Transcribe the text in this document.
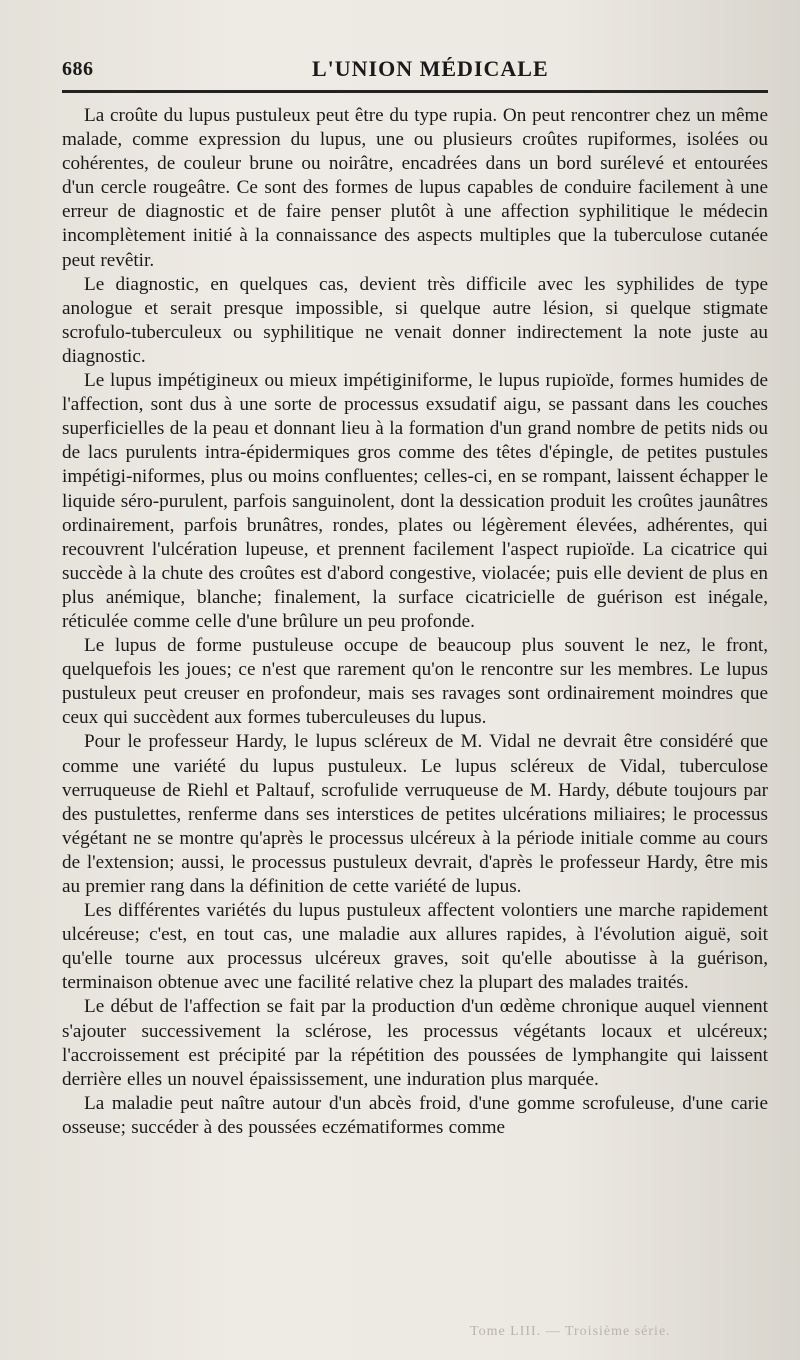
686	L'UNION MÉDICALE

La croûte du lupus pustuleux peut être du type rupia. On peut rencontrer chez un même malade, comme expression du lupus, une ou plusieurs croûtes rupiformes, isolées ou cohérentes, de couleur brune ou noirâtre, encadrées dans un bord surélevé et entourées d'un cercle rougeâtre. Ce sont des formes de lupus capables de conduire facilement à une erreur de diagnostic et de faire penser plutôt à une affection syphilitique le médecin incomplètement initié à la connaissance des aspects multiples que la tuberculose cutanée peut revêtir.

Le diagnostic, en quelques cas, devient très difficile avec les syphilides de type anologue et serait presque impossible, si quelque autre lésion, si quelque stigmate scrofulo-tuberculeux ou syphilitique ne venait donner indirectement la note juste au diagnostic.

Le lupus impétigineux ou mieux impétiginiforme, le lupus rupioïde, formes humides de l'affection, sont dus à une sorte de processus exsudatif aigu, se passant dans les couches superficielles de la peau et donnant lieu à la formation d'un grand nombre de petits nids ou de lacs purulents intra-épidermiques gros comme des têtes d'épingle, de petites pustules impétigi-niformes, plus ou moins confluentes; celles-ci, en se rompant, laissent échapper le liquide séro-purulent, parfois sanguinolent, dont la dessication produit les croûtes jaunâtres ordinairement, parfois brunâtres, rondes, plates ou légèrement élevées, adhérentes, qui recouvrent l'ulcération lupeuse, et prennent facilement l'aspect rupioïde. La cicatrice qui succède à la chute des croûtes est d'abord congestive, violacée; puis elle devient de plus en plus anémique, blanche; finalement, la surface cicatricielle de guérison est inégale, réticulée comme celle d'une brûlure un peu profonde.

Le lupus de forme pustuleuse occupe de beaucoup plus souvent le nez, le front, quelquefois les joues; ce n'est que rarement qu'on le rencontre sur les membres. Le lupus pustuleux peut creuser en profondeur, mais ses ravages sont ordinairement moindres que ceux qui succèdent aux formes tuberculeuses du lupus.

Pour le professeur Hardy, le lupus scléreux de M. Vidal ne devrait être considéré que comme une variété du lupus pustuleux. Le lupus scléreux de Vidal, tuberculose verruqueuse de Riehl et Paltauf, scrofulide verruqueuse de M. Hardy, débute toujours par des pustulettes, renferme dans ses interstices de petites ulcérations miliaires; le processus végétant ne se montre qu'après le processus ulcéreux à la période initiale comme au cours de l'extension; aussi, le processus pustuleux devrait, d'après le professeur Hardy, être mis au premier rang dans la définition de cette variété de lupus.

Les différentes variétés du lupus pustuleux affectent volontiers une marche rapidement ulcéreuse; c'est, en tout cas, une maladie aux allures rapides, à l'évolution aiguë, soit qu'elle tourne aux processus ulcéreux graves, soit qu'elle aboutisse à la guérison, terminaison obtenue avec une facilité relative chez la plupart des malades traités.

Le début de l'affection se fait par la production d'un œdème chronique auquel viennent s'ajouter successivement la sclérose, les processus végétants locaux et ulcéreux; l'accroissement est précipité par la répétition des poussées de lymphangite qui laissent derrière elles un nouvel épaississement, une induration plus marquée.

La maladie peut naître autour d'un abcès froid, d'une gomme scrofuleuse, d'une carie osseuse; succéder à des poussées eczématiformes comme

Tome LIII. — Troisième série.
